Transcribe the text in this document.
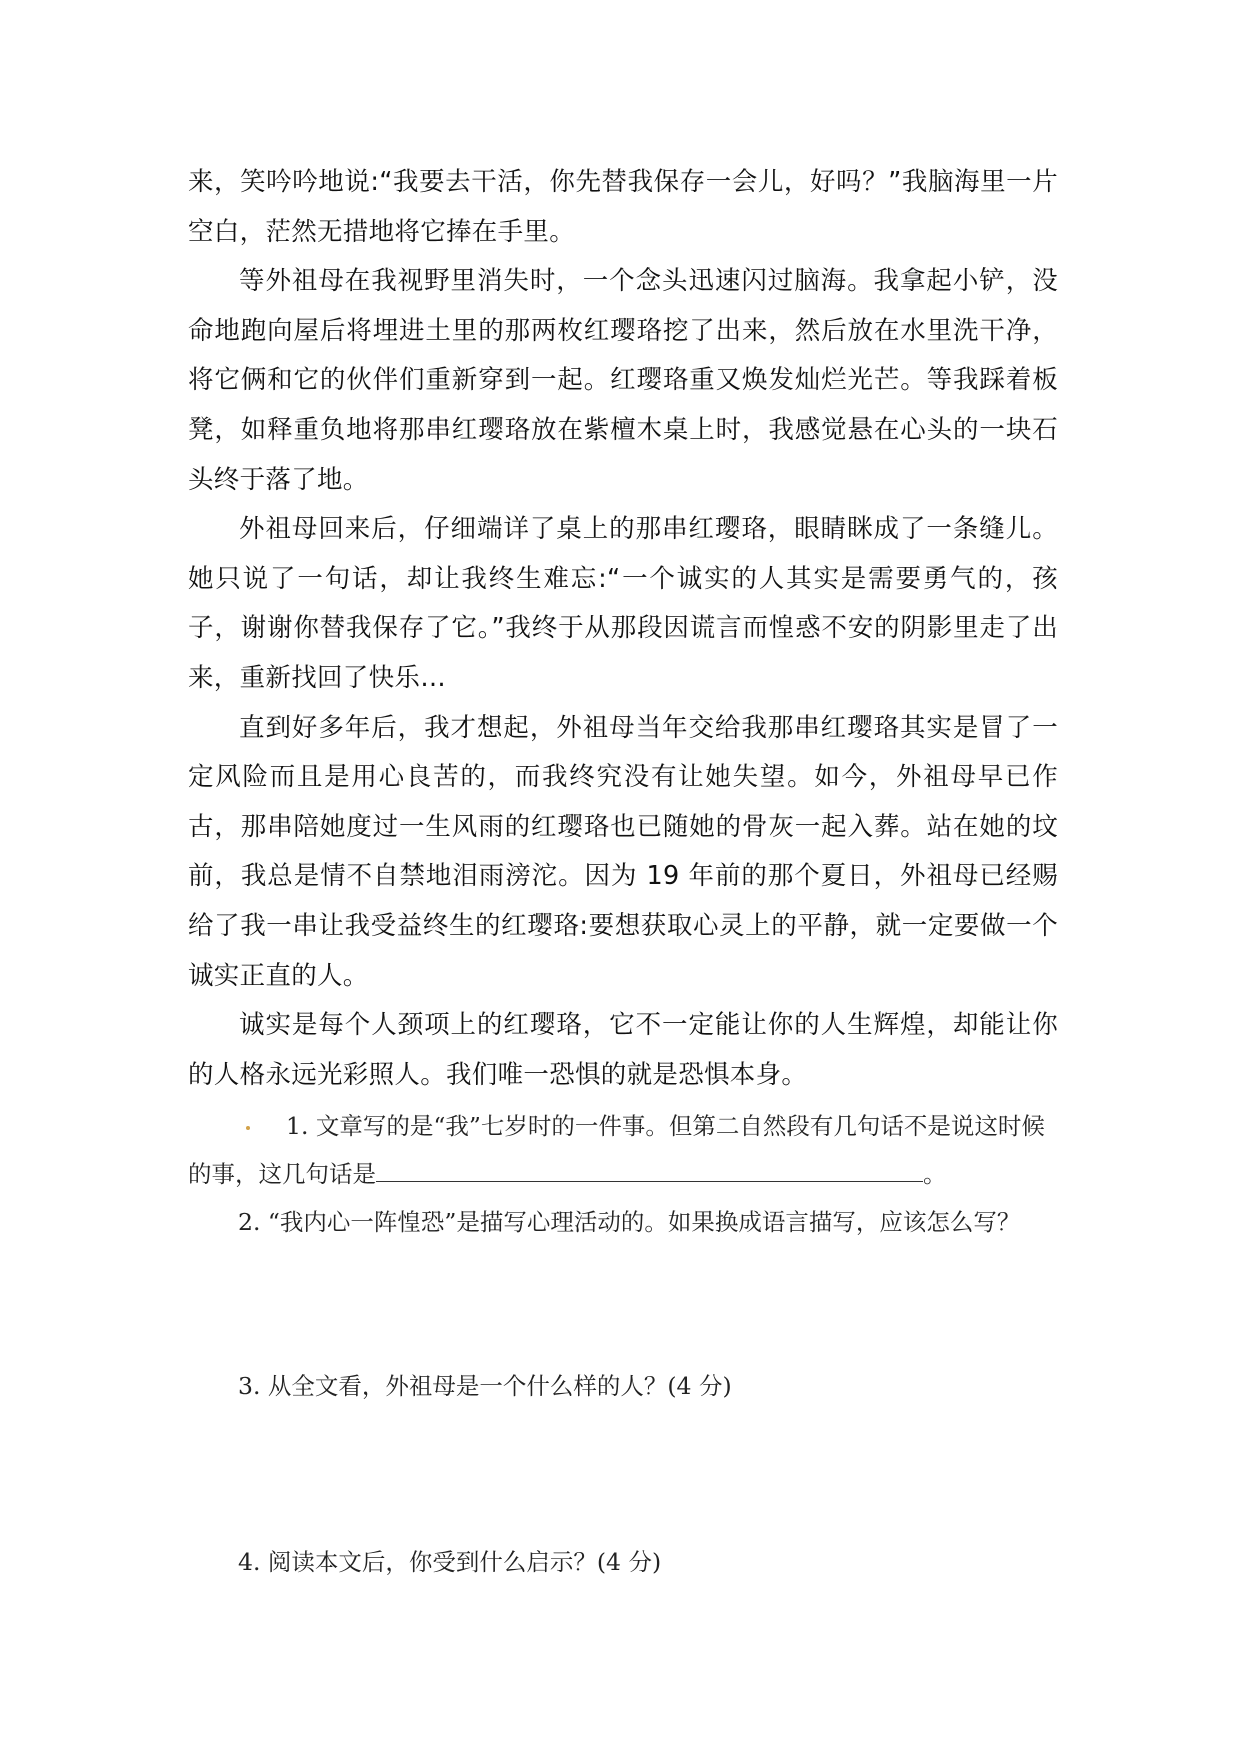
来，笑吟吟地说:“我要去干活，你先替我保存一会儿，好吗？”我脑海里一片空白，茫然无措地将它捧在手里。

等外祖母在我视野里消失时，一个念头迅速闪过脑海。我拿起小铲，没命地跑向屋后将埋进土里的那两枚红璎珞挖了出来，然后放在水里洗干净，将它俩和它的伙伴们重新穿到一起。红璎珞重又焕发灿烂光芒。等我踩着板凳，如释重负地将那串红璎珞放在紫檀木桌上时，我感觉悬在心头的一块石头终于落了地。

外祖母回来后，仔细端详了桌上的那串红璎珞，眼睛眯成了一条缝儿。她只说了一句话，却让我终生难忘:“一个诚实的人其实是需要勇气的，孩子，谢谢你替我保存了它。”我终于从那段因谎言而惶惑不安的阴影里走了出来，重新找回了快乐…

直到好多年后，我才想起，外祖母当年交给我那串红璎珞其实是冒了一定风险而且是用心良苦的，而我终究没有让她失望。如今，外祖母早已作古，那串陪她度过一生风雨的红璎珞也已随她的骨灰一起入葬。站在她的坟前，我总是情不自禁地泪雨滂沱。因为 19 年前的那个夏日，外祖母已经赐给了我一串让我受益终生的红璎珞:要想获取心灵上的平静，就一定要做一个诚实正直的人。

诚实是每个人颈项上的红璎珞，它不一定能让你的人生辉煌，却能让你的人格永远光彩照人。我们唯一恐惧的就是恐惧本身。

1. 文章写的是“我”七岁时的一件事。但第二自然段有几句话不是说这时候的事，这几句话是	。

2. “我内心一阵惶恐”是描写心理活动的。如果换成语言描写，应该怎么写？

3. 从全文看，外祖母是一个什么样的人？(4 分)

4. 阅读本文后，你受到什么启示？(4 分)
